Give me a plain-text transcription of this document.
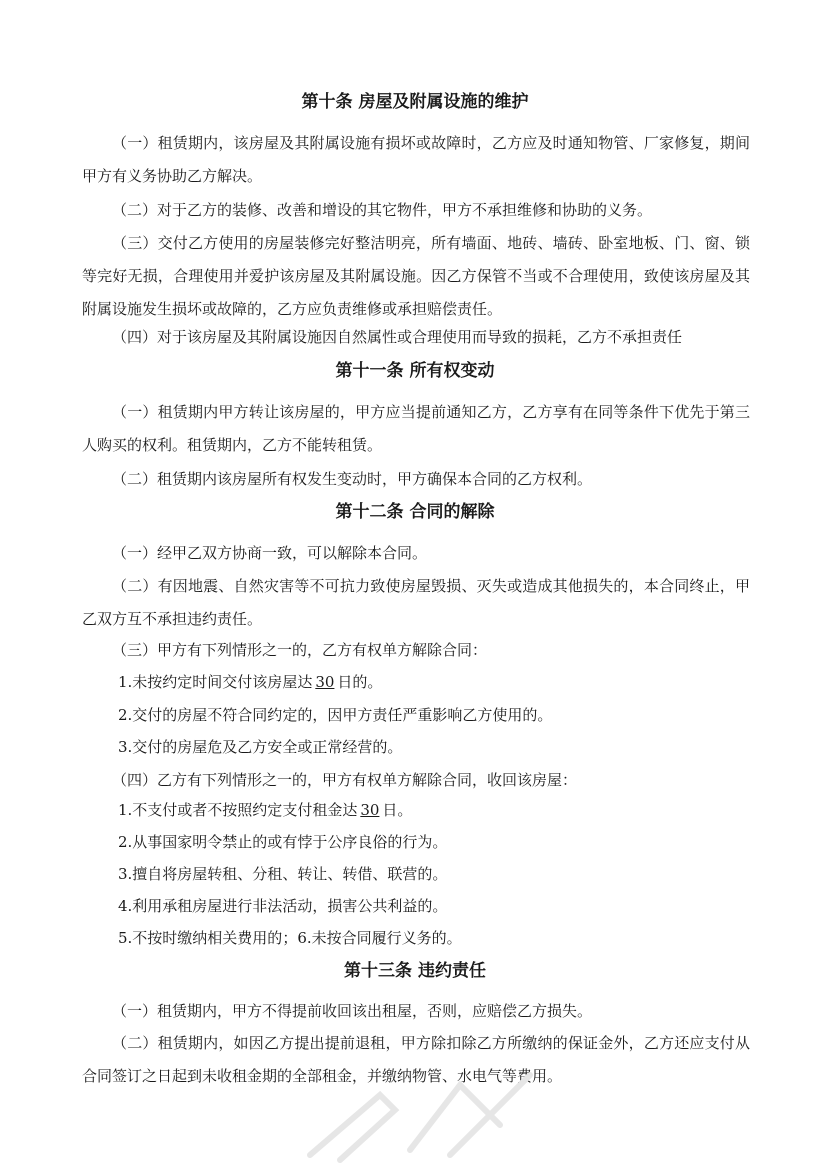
第十条 房屋及附属设施的维护

（一）租赁期内，该房屋及其附属设施有损坏或故障时，乙方应及时通知物管、厂家修复，期间甲方有义务协助乙方解决。

（二）对于乙方的装修、改善和增设的其它物件，甲方不承担维修和协助的义务。

（三）交付乙方使用的房屋装修完好整洁明亮，所有墙面、地砖、墙砖、卧室地板、门、窗、锁等完好无损，合理使用并爱护该房屋及其附属设施。因乙方保管不当或不合理使用，致使该房屋及其附属设施发生损坏或故障的，乙方应负责维修或承担赔偿责任。

（四）对于该房屋及其附属设施因自然属性或合理使用而导致的损耗，乙方不承担责任

第十一条 所有权变动

（一）租赁期内甲方转让该房屋的，甲方应当提前通知乙方，乙方享有在同等条件下优先于第三人购买的权利。租赁期内，乙方不能转租赁。

（二）租赁期内该房屋所有权发生变动时，甲方确保本合同的乙方权利。

第十二条 合同的解除

（一）经甲乙双方协商一致，可以解除本合同。

（二）有因地震、自然灾害等不可抗力致使房屋毁损、灭失或造成其他损失的，本合同终止，甲乙双方互不承担违约责任。

（三）甲方有下列情形之一的，乙方有权单方解除合同：

1.未按约定时间交付该房屋达 30 日的。

2.交付的房屋不符合同约定的，因甲方责任严重影响乙方使用的。

3.交付的房屋危及乙方安全或正常经营的。

（四）乙方有下列情形之一的，甲方有权单方解除合同，收回该房屋：

1.不支付或者不按照约定支付租金达 30 日。

2.从事国家明令禁止的或有悖于公序良俗的行为。

3.擅自将房屋转租、分租、转让、转借、联营的。

4.利用承租房屋进行非法活动，损害公共利益的。

5.不按时缴纳相关费用的；6.未按合同履行义务的。

第十三条 违约责任

（一）租赁期内，甲方不得提前收回该出租屋，否则，应赔偿乙方损失。

（二）租赁期内，如因乙方提出提前退租，甲方除扣除乙方所缴纳的保证金外，乙方还应支付从合同签订之日起到未收租金期的全部租金，并缴纳物管、水电气等费用。
